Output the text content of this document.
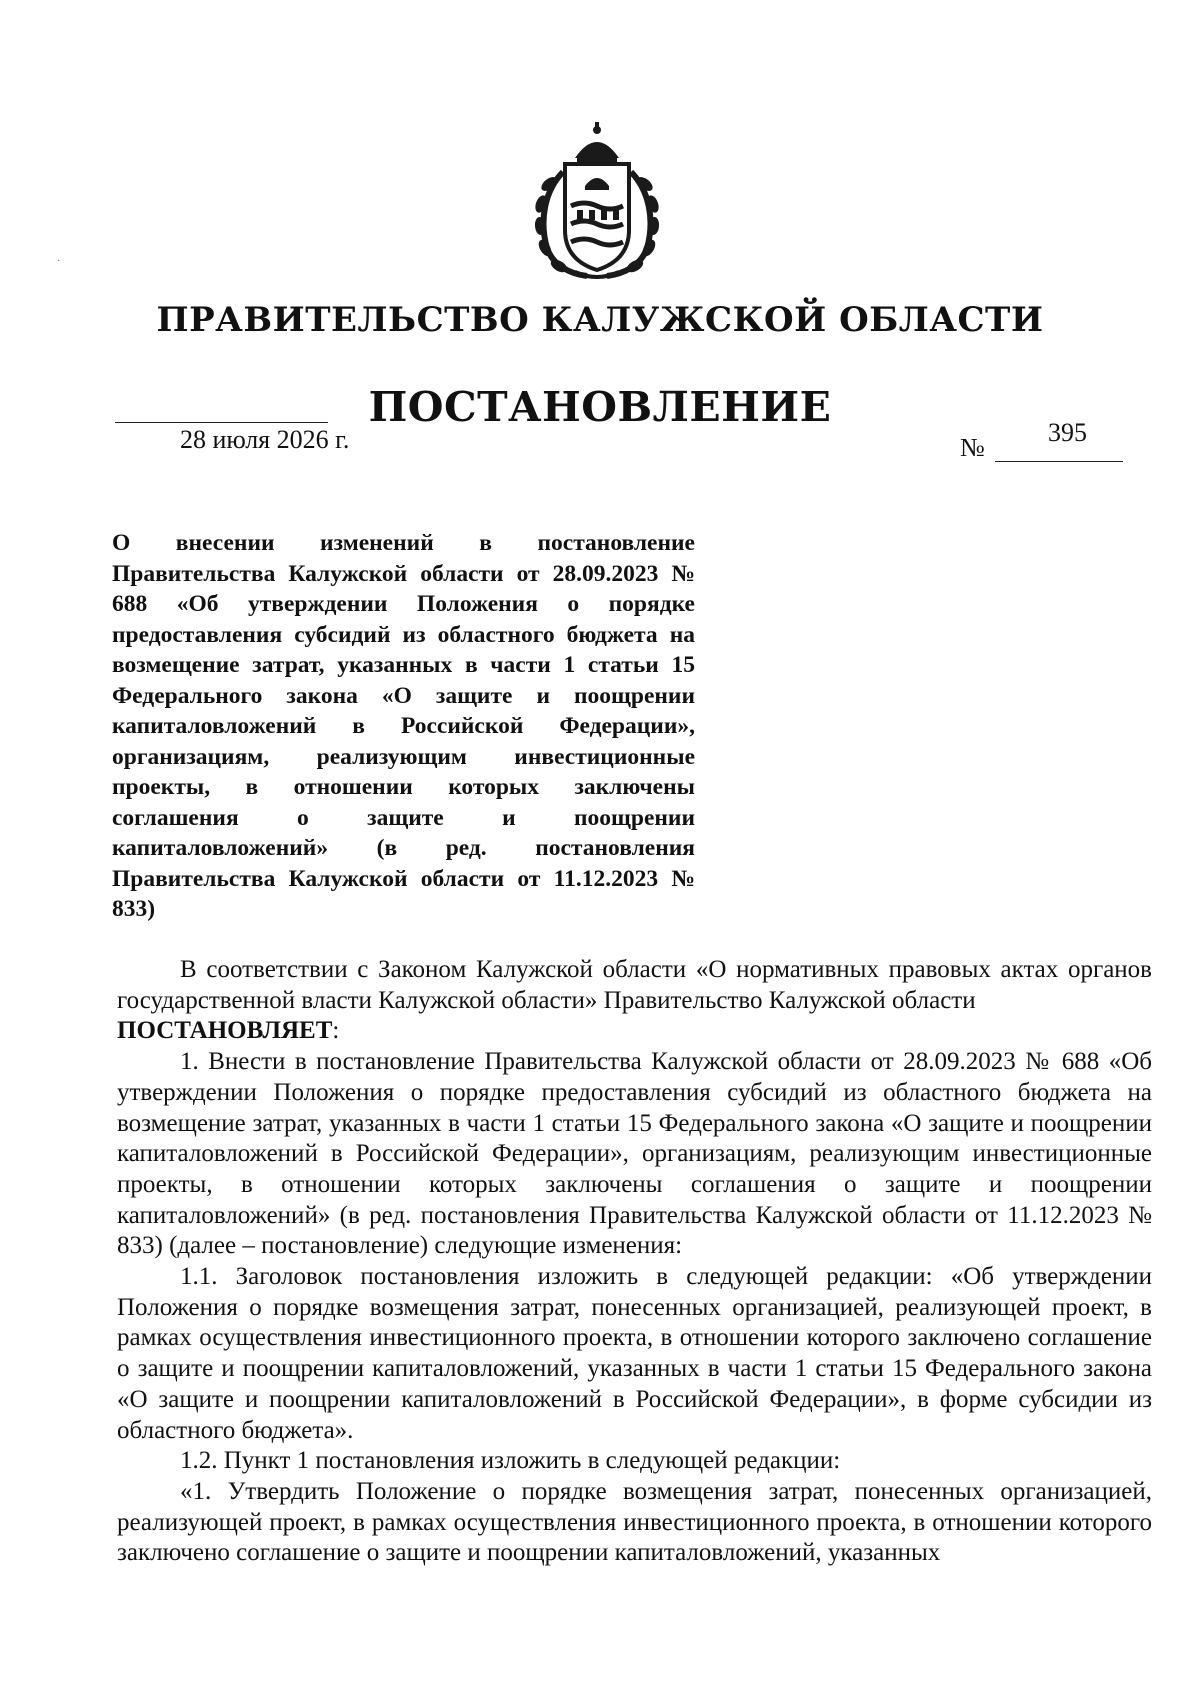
·
ПРАВИТЕЛЬСТВО КАЛУЖСКОЙ ОБЛАСТИ
ПОСТАНОВЛЕНИЕ
28 июля 2026 г.	№
395
О внесении изменений в постановление Правительства Калужской области от 28.09.2023 № 688 «Об утверждении Положения о порядке предоставления субсидий из областного бюджета на возмещение затрат, указанных в части 1 статьи 15 Федерального закона «О защите и поощрении капиталовложений в Российской Федерации», организациям, реализующим инвестиционные проекты, в отношении которых заключены соглашения о защите и поощрении капиталовложений» (в ред. постановления Правительства Калужской области от 11.12.2023 № 833)

В соответствии с Законом Калужской области «О нормативных правовых актах органов государственной власти Калужской области» Правительство Калужской области

ПОСТАНОВЛЯЕТ:

1. Внести в постановление Правительства Калужской области от 28.09.2023 № 688 «Об утверждении Положения о порядке предоставления субсидий из областного бюджета на возмещение затрат, указанных в части 1 статьи 15 Федерального закона «О защите и поощрении капиталовложений в Российской Федерации», организациям, реализующим инвестиционные проекты, в отношении которых заключены соглашения о защите и поощрении капиталовложений» (в ред. постановления Правительства Калужской области от 11.12.2023 № 833) (далее – постановление) следующие изменения:

1.1. Заголовок постановления изложить в следующей редакции: «Об утверждении Положения о порядке возмещения затрат, понесенных организацией, реализующей проект, в рамках осуществления инвестиционного проекта, в отношении которого заключено соглашение о защите и поощрении капиталовложений, указанных в части 1 статьи 15 Федерального закона «О защите и поощрении капиталовложений в Российской Федерации», в форме субсидии из областного бюджета».

1.2. Пункт 1 постановления изложить в следующей редакции:

«1. Утвердить Положение о порядке возмещения затрат, понесенных организацией, реализующей проект, в рамках осуществления инвестиционного проекта, в отношении которого заключено соглашение о защите и поощрении капиталовложений, указанных
